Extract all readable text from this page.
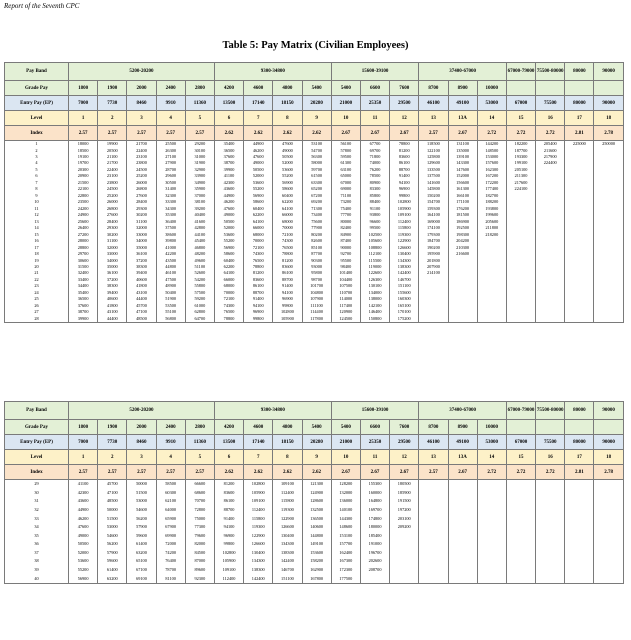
Report of the Seventh CPC
Table 5: Pay Matrix (Civilian Employees)
Pay Band	5200-20200					9300-34800				15600-39100			37400-67000			67000-79000	75500-80000	80000	90000
Grade Pay	1800	1900	2000	2400	2800	4200	4600	4800	5400	5400	6600	7600	8700	8900	10000				
Entry Pay (EP)	7000	7730	8460	9910	11360	13500	17140	18150	20280	21000	25350	29500	46100	49100	53000	67000	75500	80000	90000
Level	1	2	3	4	5	6	7	8	9	10	11	12	13	13A	14	15	16	17	18
Index	2.57	2.57	2.57	2.57	2.57	2.62	2.62	2.62	2.62	2.67	2.67	2.67	2.57	2.67	2.72	2.72	2.72	2.81	2.78
1	18000	19900	21700	25500	29200	35400	44900	47600	53100	56100	67700	78800	118500	131100	144200	182200	205400	225000	250000
2	18500	20500	22400	26300	30100	36500	46200	49000	54700	57800	69700	81200	122100	135000	148500	187700	211600		
3	19100	21100	23100	27100	31000	37600	47600	50500	56300	59500	71800	83600	125800	139100	153000	193300	217900		
4	19700	21700	23800	27900	31900	38700	49000	52000	58000	61300	74000	86100	129600	143300	157600	199100	224400		
5	20300	22400	24500	28700	32900	39900	50500	53600	59700	63100	76200	88700	133500	147600	162300	205100			
6	20900	23100	25200	29600	33900	41100	52000	55200	61500	65000	78500	91400	137500	152000	167200	211300			
7	21500	23800	26000	30500	34900	42300	53600	56900	63300	67000	80900	94100	141600	156600	172200	217600			
8	22100	24500	26800	31400	35900	43600	55200	58600	65200	69000	83300	96900	145800	161300	177400	224100			
9	22800	25200	27600	32300	37000	44900	56900	60400	67200	71100	85800	99800	150200	166100	182700				
10	23500	26000	28400	33300	38100	46200	58600	62200	69200	73200	88400	102800	154700	171100	188200				
11	24200	26800	29300	34300	39200	47600	60400	64100	71300	75400	91100	105900	159300	176200	193800				
12	24900	27600	30200	35300	40400	49000	62200	66000	73400	77700	93800	109100	164100	181500	199600				
13	25600	28400	31100	36400	41600	50500	64100	68000	75600	80000	96600	112400	169000	186900	205600				
14	26400	29300	32000	37500	42800	52000	66000	70000	77900	82400	99500	115800	174100	192500	211800				
15	27200	30200	33000	38600	44100	53600	68000	72100	80200	84900	102500	119300	179300	198300	218200				
16	28000	31100	34000	39800	45400	55200	70000	74300	82600	87400	105600	122900	184700	204200					
17	28800	32000	35000	41000	46800	56900	72100	76500	85100	90000	108800	126600	190200	210300					
18	29700	33000	36100	42200	48200	58600	74300	78800	87700	92700	112100	130400	195900	216600					
19	30600	34000	37200	43500	49600	60400	76500	81200	90300	95500	115500	134300	201800						
20	31500	35000	38300	44800	51100	62200	78800	83600	93000	98400	119000	138300	207900						
21	32400	36100	39400	46100	52600	64100	81200	86100	95800	101400	122600	142400	214100						
22	33400	37200	40600	47500	54200	66000	83600	88700	98700	104400	126300	146700							
23	34400	38300	41800	48900	55800	68000	86100	91400	101700	107500	130100	151100							
24	35400	39400	43100	50400	57500	70000	88700	94100	104800	110700	134000	155600							
25	36500	40600	44400	51900	59200	72100	91400	96900	107900	114000	138000	160300							
26	37600	41800	45700	53500	61000	74300	94100	99800	111100	117400	142100	165100							
27	38700	43100	47100	55100	62800	76500	96900	102800	114400	120900	146400	170100							
28	39900	44400	48500	56800	64700	78800	99800	105900	117800	124500	150800	175200							
Pay Band	5200-20200					9300-34800				15600-39100			37400-67000			67000-79000	75500-80000	80000	90000
Grade Pay	1800	1900	2000	2400	2800	4200	4600	4800	5400	5400	6600	7600	8700	8900	10000				
Entry Pay (EP)	7000	7730	8460	9910	11360	13500	17140	18150	20280	21000	25350	29500	46100	49100	53000	67000	75500	80000	90000
Level	1	2	3	4	5	6	7	8	9	10	11	12	13	13A	14	15	16	17	18
Index	2.57	2.57	2.57	2.57	2.57	2.62	2.62	2.62	2.62	2.67	2.67	2.67	2.57	2.67	2.72	2.72	2.72	2.81	2.78
29	41100	45700	50000	58500	66600	81200	102800	109100	121300	128200	155300	180500							
30	42300	47100	51500	60300	68600	83600	105900	112400	124900	132000	160000	185900							
31	43600	48500	53000	62100	70700	86100	109100	115800	128600	136000	164800	191500							
32	44900	50000	54600	64000	72800	88700	112400	119300	132500	140100	169700	197200							
33	46200	51500	56200	65900	75000	91400	115800	122900	136500	144300	174800	203100							
34	47600	53000	57900	67900	77300	94100	119300	126600	140600	148600	180000	209200							
35	49000	54600	59600	69900	79600	96900	122900	130400	144800	153100	185400								
36	50500	56200	61400	72000	82000	99800	126600	134300	149100	157700	191000								
37	52000	57900	63200	74200	84500	102800	130400	138300	153600	162400	196700								
38	53600	59600	65100	76400	87000	105900	134300	142400	158200	167300	202600								
39	55200	61400	67100	78700	89600	109100	138300	146700	162900	172300	208700								
40	56900	63200	69100	81100	92300	112400	142400	151100	167800	177500									
